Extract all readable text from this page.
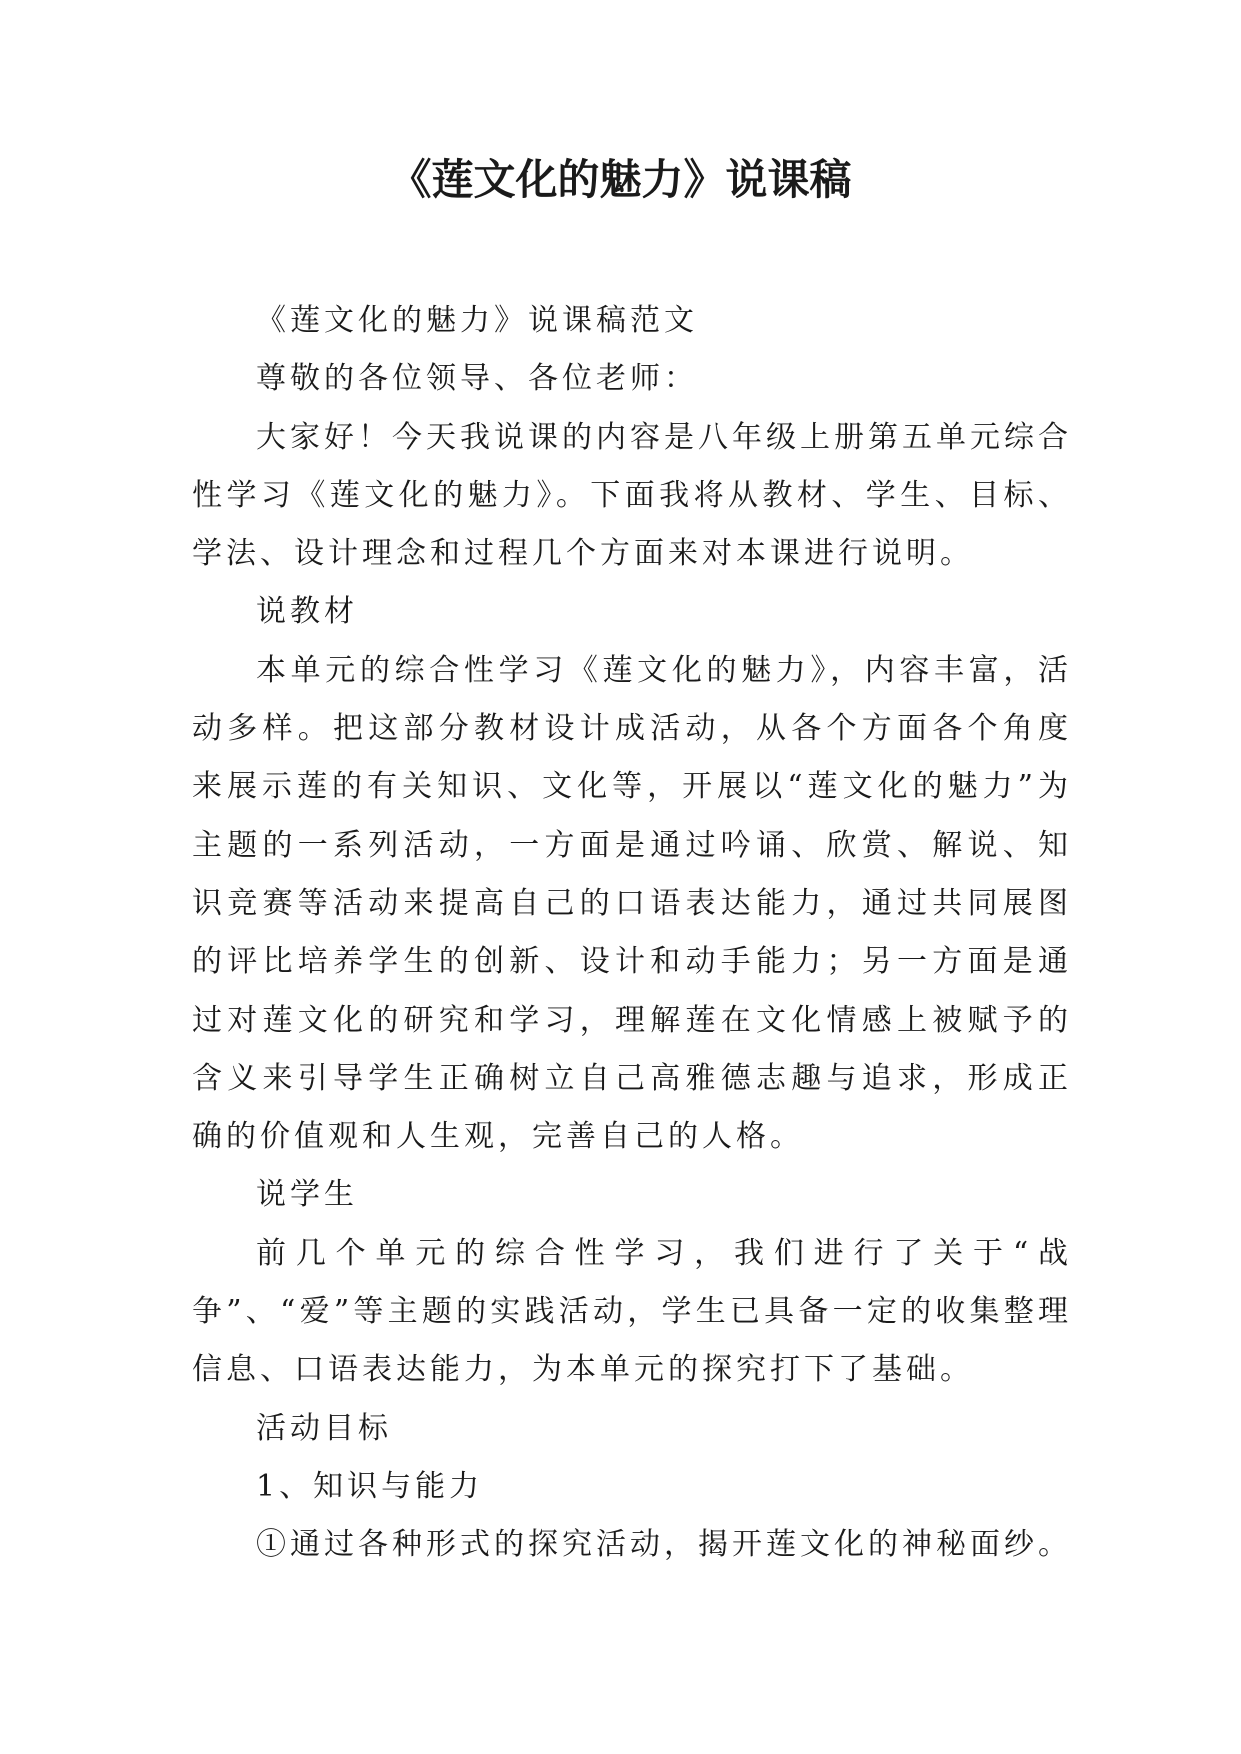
《莲文化的魅力》说课稿

《莲文化的魅力》说课稿范文

尊敬的各位领导、各位老师：

大家好！今天我说课的内容是八年级上册第五单元综合性学习《莲文化的魅力》。下面我将从教材、学生、目标、学法、设计理念和过程几个方面来对本课进行说明。

说教材

本单元的综合性学习《莲文化的魅力》，内容丰富，活动多样。把这部分教材设计成活动，从各个方面各个角度来展示莲的有关知识、文化等，开展以“莲文化的魅力”为主题的一系列活动，一方面是通过吟诵、欣赏、解说、知识竞赛等活动来提高自己的口语表达能力，通过共同展图的评比培养学生的创新、设计和动手能力；另一方面是通过对莲文化的研究和学习，理解莲在文化情感上被赋予的含义来引导学生正确树立自己高雅德志趣与追求，形成正确的价值观和人生观，完善自己的人格。

说学生

前几个单元的综合性学习，我们进行了关于“战争”、“爱”等主题的实践活动，学生已具备一定的收集整理信息、口语表达能力，为本单元的探究打下了基础。

活动目标

1、知识与能力

①通过各种形式的探究活动，揭开莲文化的神秘面纱。
